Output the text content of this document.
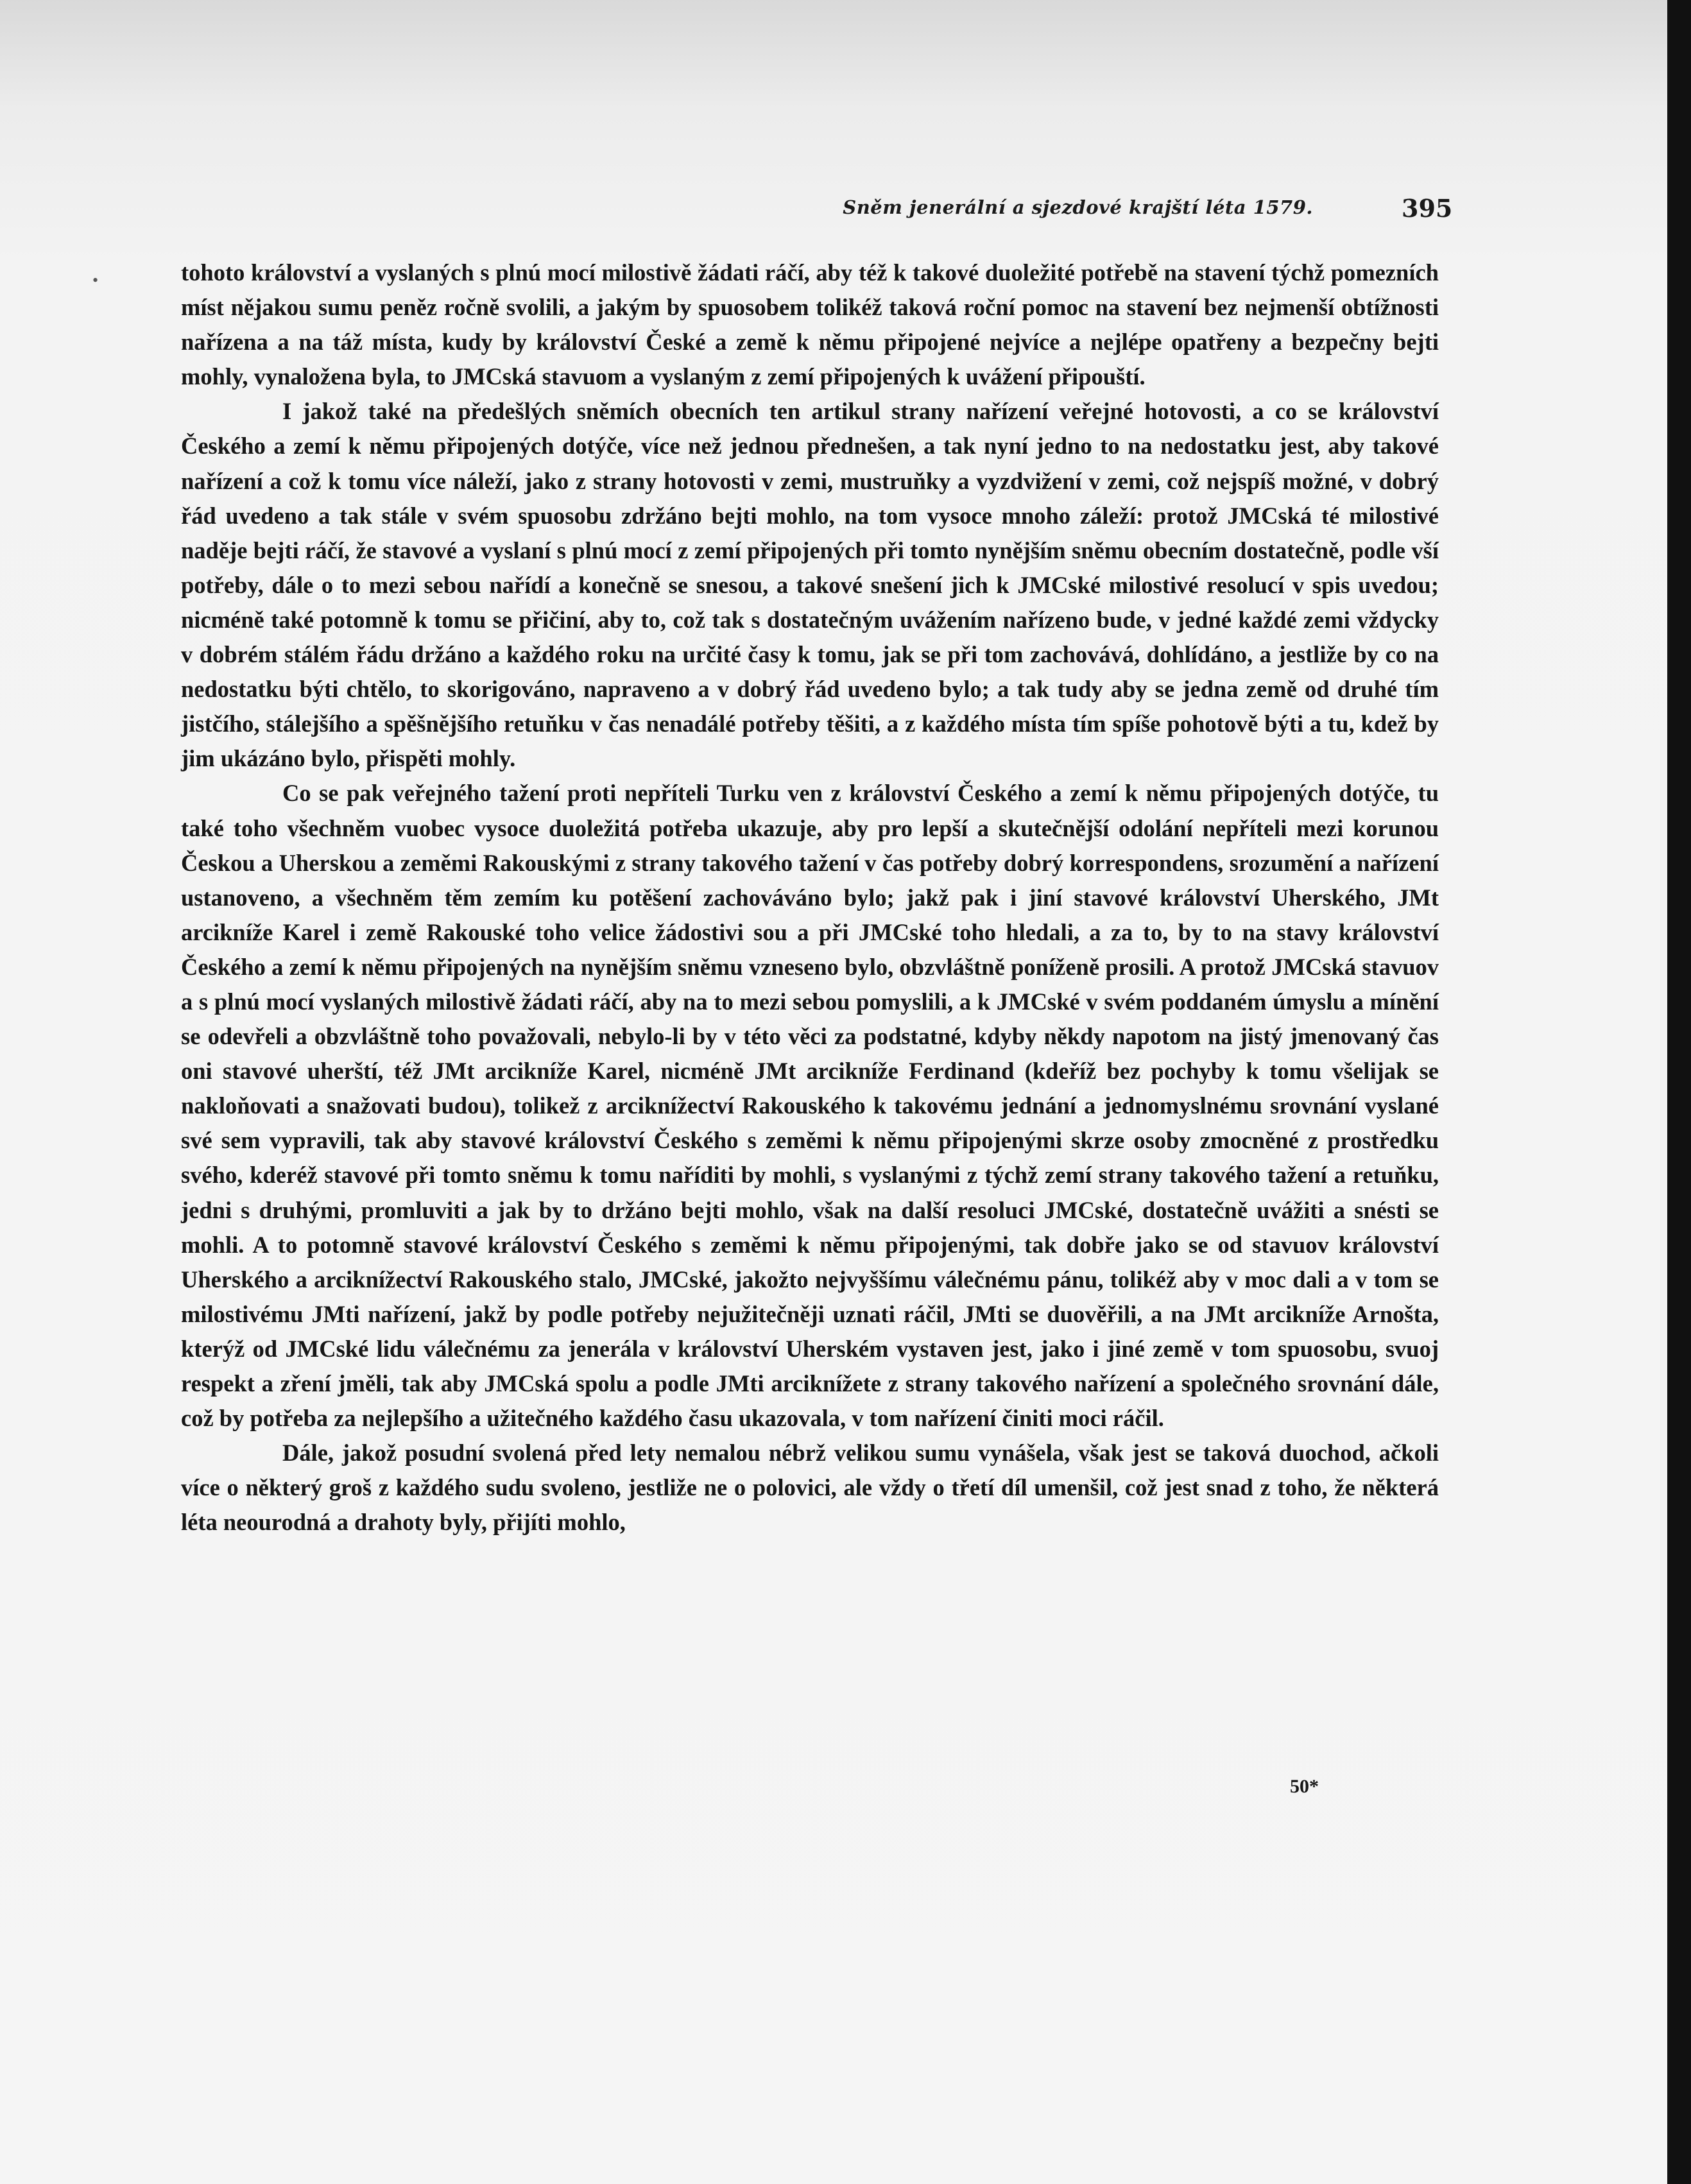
•
Sněm jenerální a sjezdové krajští léta 1579.	395

tohoto království a vyslaných s plnú mocí milostivě žádati ráčí, aby též k takové duoležité potřebě na stavení týchž pomezních míst nějakou sumu peněz ročně svolili, a jakým by spuosobem tolikéž taková roční pomoc na stavení bez nejmenší obtížnosti nařízena a na táž místa, kudy by království České a země k němu připojené nejvíce a nejlépe opatřeny a bezpečny bejti mohly, vynaložena byla, to JMCská stavuom a vyslaným z zemí připojených k uvážení připouští.

I jakož také na předešlých sněmích obecních ten artikul strany nařízení veřejné hotovosti, a co se království Českého a zemí k němu připojených dotýče, více než jednou přednešen, a tak nyní jedno to na nedostatku jest, aby takové nařízení a což k tomu více náleží, jako z strany hotovosti v zemi, mustruňky a vyzdvižení v zemi, což nejspíš možné, v dobrý řád uvedeno a tak stále v svém spuosobu zdržáno bejti mohlo, na tom vysoce mnoho záleží: protož JMCská té milostivé naděje bejti ráčí, že stavové a vyslaní s plnú mocí z zemí připojených při tomto nynějším sněmu obecním dostatečně, podle vší potřeby, dále o to mezi sebou nařídí a konečně se snesou, a takové snešení jich k JMCské milostivé resolucí v spis uvedou; nicméně také potomně k tomu se přičiní, aby to, což tak s dostatečným uvážením nařízeno bude, v jedné každé zemi vždycky v dobrém stálém řádu držáno a každého roku na určité časy k tomu, jak se při tom zachovává, dohlídáno, a jestliže by co na nedostatku býti chtělo, to skorigováno, napraveno a v dobrý řád uvedeno bylo; a tak tudy aby se jedna země od druhé tím jistčího, stálejšího a spěšnějšího retuňku v čas nenadálé potřeby těšiti, a z každého místa tím spíše pohotově býti a tu, kdež by jim ukázáno bylo, přispěti mohly.

Co se pak veřejného tažení proti nepříteli Turku ven z království Českého a zemí k němu připojených dotýče, tu také toho všechněm vuobec vysoce duoležitá potřeba ukazuje, aby pro lepší a skutečnější odolání nepříteli mezi korunou Českou a Uherskou a zeměmi Rakouskými z strany takového tažení v čas potřeby dobrý korrespondens, srozumění a nařízení ustanoveno, a všechněm těm zemím ku potěšení zachováváno bylo; jakž pak i jiní stavové království Uherského, JMt arcikníže Karel i země Rakouské toho velice žádostivi sou a při JMCské toho hledali, a za to, by to na stavy království Českého a zemí k němu připojených na nynějším sněmu vzneseno bylo, obzvláštně poníženě prosili. A protož JMCská stavuov a s plnú mocí vyslaných milostivě žádati ráčí, aby na to mezi sebou pomyslili, a k JMCské v svém poddaném úmyslu a mínění se odevřeli a obzvláštně toho považovali, nebylo-li by v této věci za podstatné, kdyby někdy napotom na jistý jmenovaný čas oni stavové uherští, též JMt arcikníže Karel, nicméně JMt arcikníže Ferdinand (kdeříž bez pochyby k tomu všelijak se nakloňovati a snažovati budou), tolikež z arciknížectví Rakouského k takovému jednání a jednomyslnému srovnání vyslané své sem vypravili, tak aby stavové království Českého s zeměmi k němu připojenými skrze osoby zmocněné z prostředku svého, kderéž stavové při tomto sněmu k tomu naříditi by mohli, s vyslanými z týchž zemí strany takového tažení a retuňku, jedni s druhými, promluviti a jak by to držáno bejti mohlo, však na další resoluci JMCské, dostatečně uvážiti a snésti se mohli. A to potomně stavové království Českého s zeměmi k němu připojenými, tak dobře jako se od stavuov království Uherského a arciknížectví Rakouského stalo, JMCské, jakožto nejvyššímu válečnému pánu, tolikéž aby v moc dali a v tom se milostivému JMti nařízení, jakž by podle potřeby nejužitečněji uznati ráčil, JMti se duověřili, a na JMt arcikníže Arnošta, kterýž od JMCské lidu válečnému za jenerála v království Uherském vystaven jest, jako i jiné země v tom spuosobu, svuoj respekt a zření jměli, tak aby JMCská spolu a podle JMti arciknížete z strany takového nařízení a společného srovnání dále, což by potřeba za nejlepšího a užitečného každého času ukazovala, v tom nařízení činiti moci ráčil.

Dále, jakož posudní svolená před lety nemalou nébrž velikou sumu vynášela, však jest se taková duochod, ačkoli více o některý groš z každého sudu svoleno, jestliže ne o polovici, ale vždy o třetí díl umenšil, což jest snad z toho, že některá léta neourodná a drahoty byly, přijíti mohlo,

50*
